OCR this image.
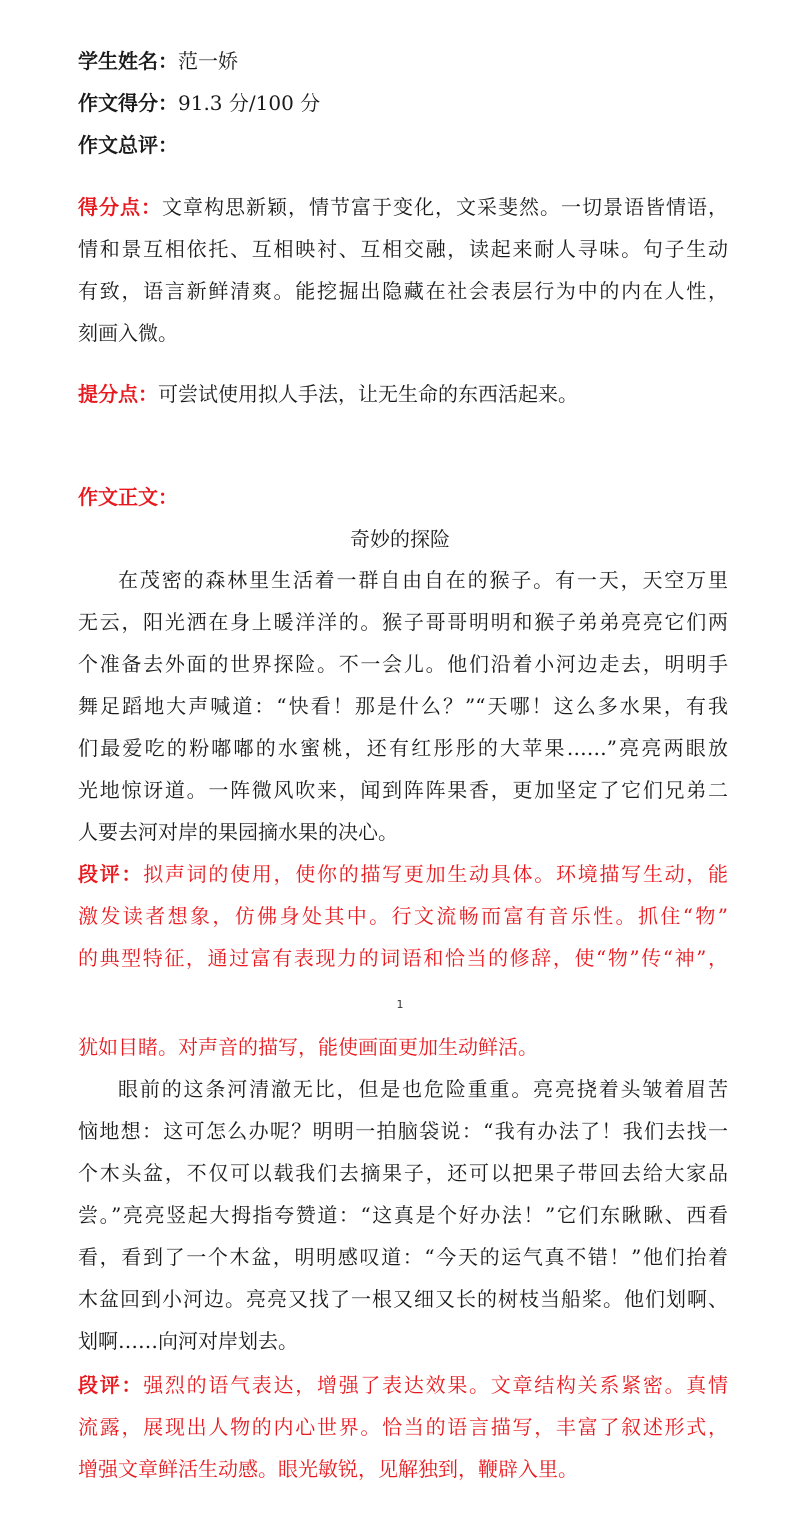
学生姓名：范一娇
作文得分：91.3 分/100 分
作文总评：
得分点：文章构思新颖，情节富于变化，文采斐然。一切景语皆情语，
情和景互相依托、互相映衬、互相交融，读起来耐人寻味。句子生动
有致，语言新鲜清爽。能挖掘出隐藏在社会表层行为中的内在人性，
刻画入微。
提分点：可尝试使用拟人手法，让无生命的东西活起来。
作文正文：
奇妙的探险
在茂密的森林里生活着一群自由自在的猴子。有一天，天空万里
无云，阳光洒在身上暖洋洋的。猴子哥哥明明和猴子弟弟亮亮它们两
个准备去外面的世界探险。不一会儿。他们沿着小河边走去，明明手
舞足蹈地大声喊道：“快看！那是什么？”“天哪！这么多水果，有我
们最爱吃的粉嘟嘟的水蜜桃，还有红彤彤的大苹果……”亮亮两眼放
光地惊讶道。一阵微风吹来，闻到阵阵果香，更加坚定了它们兄弟二
人要去河对岸的果园摘水果的决心。
段评：拟声词的使用，使你的描写更加生动具体。环境描写生动，能
激发读者想象，仿佛身处其中。行文流畅而富有音乐性。抓住“物”
的典型特征，通过富有表现力的词语和恰当的修辞，使“物”传“神”，
1
犹如目睹。对声音的描写，能使画面更加生动鲜活。
眼前的这条河清澈无比，但是也危险重重。亮亮挠着头皱着眉苦
恼地想：这可怎么办呢？明明一拍脑袋说：“我有办法了！我们去找一
个木头盆，不仅可以载我们去摘果子，还可以把果子带回去给大家品
尝。”亮亮竖起大拇指夸赞道：“这真是个好办法！”它们东瞅瞅、西看
看，看到了一个木盆，明明感叹道：“今天的运气真不错！”他们抬着
木盆回到小河边。亮亮又找了一根又细又长的树枝当船桨。他们划啊、
划啊……向河对岸划去。
段评：强烈的语气表达，增强了表达效果。文章结构关系紧密。真情
流露，展现出人物的内心世界。恰当的语言描写，丰富了叙述形式，
增强文章鲜活生动感。眼光敏锐，见解独到，鞭辟入里。
